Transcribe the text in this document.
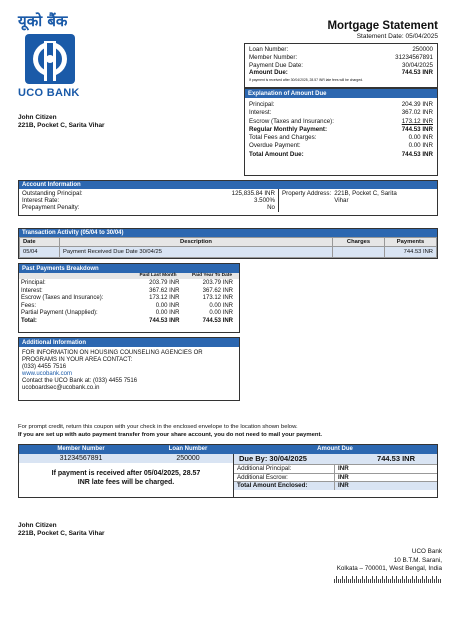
यूको बैंक
UCO BANK
Mortgage Statement
Statement Date: 05/04/2025
Loan Number:	250000
Member Number:	31234567891
Payment Due Date:	30/04/2025
Amount Due:	744.53 INR
If payment is received after 30/04/2025, 28.57 INR late fees will be charged.
Explanation of Amount Due
Principal:	204.39 INR
Interest:	367.02 INR
Escrow (Taxes and Insurance):	173.12 INR
Regular Monthly Payment:	744.53 INR
Total Fees and Charges:	0.00 INR
Overdue Payment:	0.00 INR
Total Amount Due:	744.53 INR
John Citizen
221B, Pocket C, Sarita Vihar
Account Information
Outstanding Principal:	125,835.84 INR
Interest Rate:	3.500%
Prepayment Penalty:	No
Property Address: 221B, Pocket C, Sarita Vihar
Transaction Activity (05/04 to 30/04)
Date	Description	Charges	Payments
05/04	Payment Received Due Date 30/04/25		744.53 INR
Past Payments Breakdown
Paid Last Month	Paid Year To Date
Principal:	203.79 INR	203.79 INR
Interest:	367.62 INR	367.62 INR
Escrow (Taxes and Insurance):	173.12 INR	173.12 INR
Fees:	0.00 INR	0.00 INR
Partial Payment (Unapplied):	0.00 INR	0.00 INR
Total:	744.53 INR	744.53 INR
Additional Information
FOR INFORMATION ON HOUSING COUNSELING AGENCIES OR PROGRAMS IN YOUR AREA CONTACT:
(033) 4455 7516
www.ucobank.com
Contact the UCO Bank at: (033) 4455 7516
ucoboardsec@ucobank.co.in
For prompt credit, return this coupon with your check in the enclosed envelope to the location shown below.
If you are set up with auto payment transfer from your share account, you do not need to mail your payment.
Member Number	Loan Number	Amount Due
31234567891	250000
If payment is received after 05/04/2025, 28.57 INR late fees will be charged.
Due By: 30/04/2025	744.53 INR
Additional Principal:	INR
Additional Escrow:	INR
Total Amount Enclosed:	INR
John Citizen
221B, Pocket C, Sarita Vihar
UCO Bank
10 B.T.M. Sarani,
Kolkata – 700001, West Bengal, India
